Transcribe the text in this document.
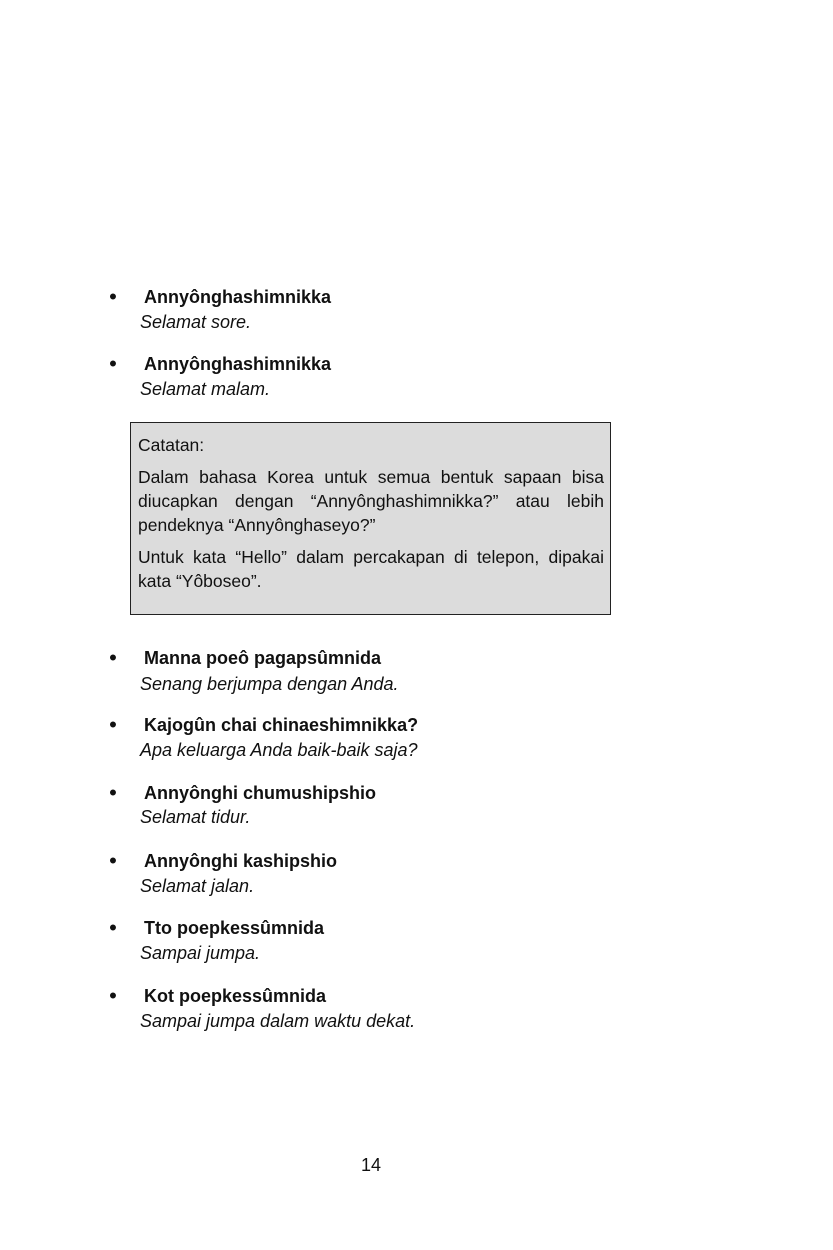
• Annyônghashimnikka
Selamat sore.
• Annyônghashimnikka
Selamat malam.

Catatan:

Dalam bahasa Korea untuk semua bentuk sapaan bisa diucapkan dengan “Annyônghashimnikka?” atau lebih pendeknya “Annyônghaseyo?”

Untuk kata “Hello” dalam percakapan di telepon, dipakai kata “Yôboseo”.

• Manna poeô pagapsûmnida
Senang berjumpa dengan Anda.
• Kajogûn chai chinaeshimnikka?
Apa keluarga Anda baik-baik saja?
• Annyônghi chumushipshio
Selamat tidur.
• Annyônghi kashipshio
Selamat jalan.
• Tto poepkessûmnida
Sampai jumpa.
• Kot poepkessûmnida
Sampai jumpa dalam waktu dekat.
14
